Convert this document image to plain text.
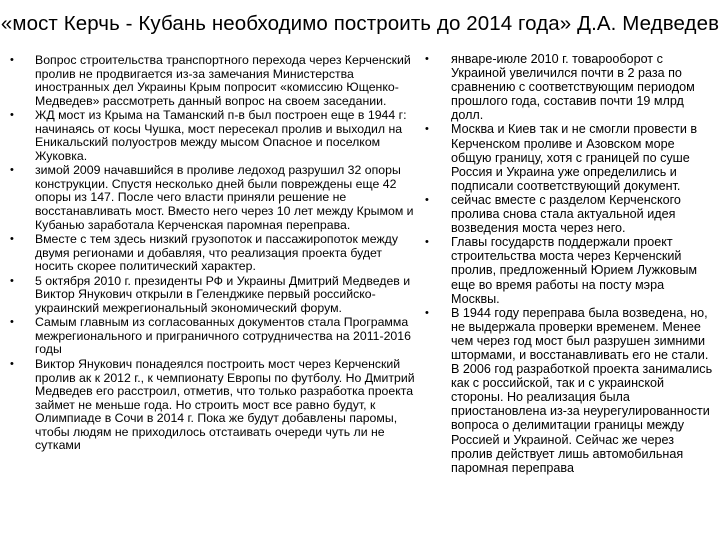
«мост Керчь - Кубань необходимо построить до 2014 года» Д.А. Медведев
• Вопрос строительства транспортного перехода через Керченский пролив не продвигается из-за замечания Министерства иностранных дел Украины Крым попросит «комиссию Ющенко-Медведев» рассмотреть данный вопрос на своем заседании.
• ЖД мост из Крыма на Таманский п-в был построен еще в 1944 г: начинаясь от косы Чушка, мост пересекал пролив и выходил на Еникальский полуостров между мысом Опасное и поселком Жуковка.
• зимой 2009 начавшийся в проливе ледоход разрушил 32 опоры конструкции. Спустя несколько дней были повреждены еще 42 опоры из 147. После чего власти приняли решение не восстанавливать мост. Вместо него через 10 лет между Крымом и Кубанью заработала Керченская паромная переправа.
• Вместе с тем здесь низкий грузопоток и пассажиропоток между двумя регионами и добавляя, что реализация проекта будет носить скорее политический характер.
• 5 октября 2010 г. президенты РФ и Украины Дмитрий Медведев и Виктор Янукович открыли в Геленджике первый российско-украинский межрегиональный экономический форум.
• Самым главным из согласованных документов стала Программа межрегионального и приграничного сотрудничества на 2011-2016 годы
• Виктор Янукович понадеялся построить мост через Керченский пролив ак к 2012 г., к чемпионату Европы по футболу. Но Дмитрий Медведев его расстроил, отметив, что только разработка проекта займет не меньше года. Но строить мост все равно будут, к Олимпиаде в Сочи в 2014 г. Пока же будут добавлены паромы, чтобы людям не приходилось отстаивать очереди чуть ли не сутками
• январе-июле 2010 г. товарооборот с Украиной увеличился почти в 2 раза по сравнению с соответствующим периодом прошлого года, составив почти 19 млрд долл.
• Москва и Киев так и не смогли провести в Керченском проливе и Азовском море общую границу, хотя с границей по суше Россия и Украина уже определились и подписали соответствующий документ.
• сейчас вместе с разделом Керченского пролива снова стала актуальной идея возведения моста через него.
• Главы государств поддержали проект строительства моста через Керченский пролив, предложенный Юрием Лужковым еще во время работы на посту мэра Москвы.
• В 1944 году переправа была возведена, но, не выдержала проверки временем. Менее чем через год мост был разрушен зимними штормами, и восстанавливать его не стали. В 2006 год разработкой проекта занимались как с российской, так и с украинской стороны. Но реализация была приостановлена из-за неурегулированности вопроса о делимитации границы между Россией и Украиной. Сейчас же через пролив действует лишь автомобильная паромная переправа
